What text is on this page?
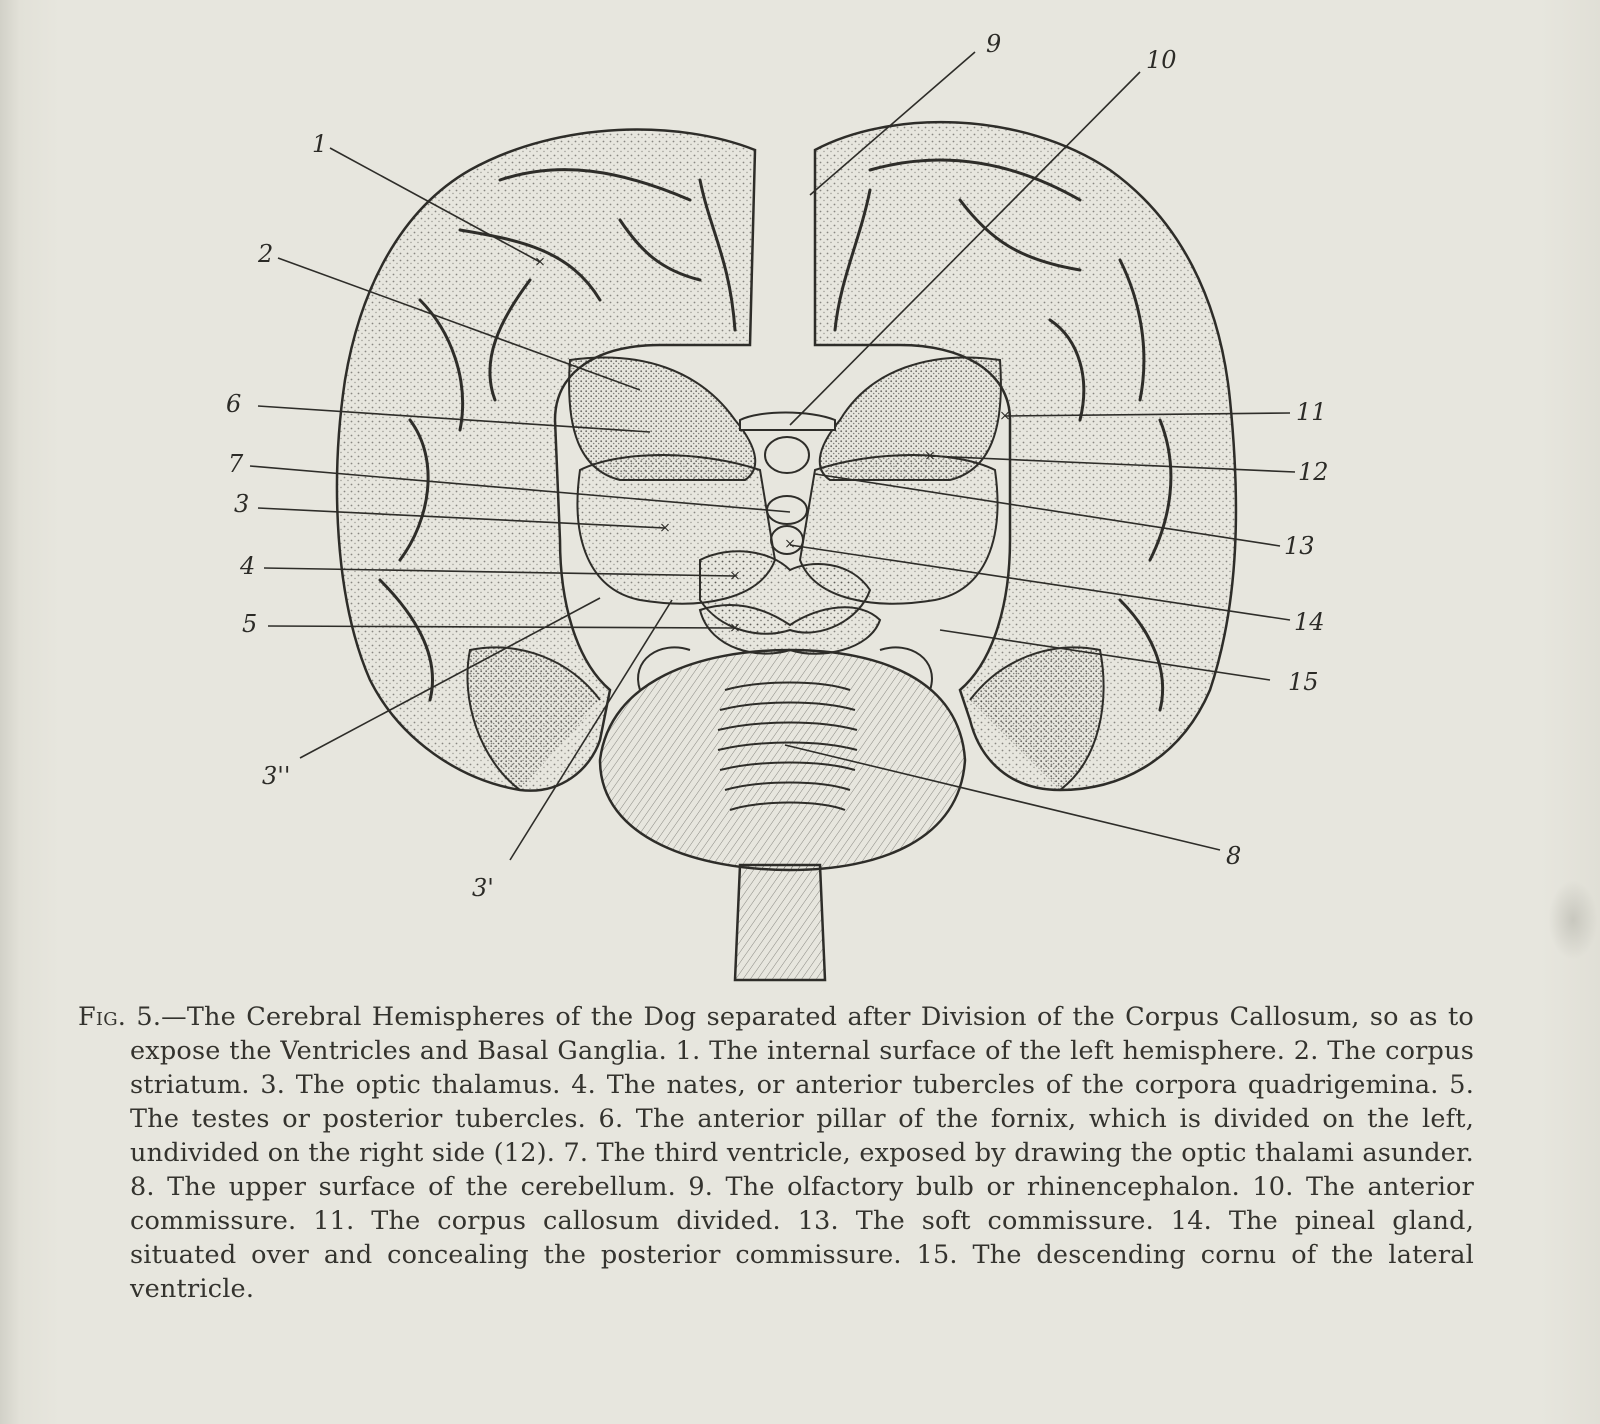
×
×
×
×
×
×
×
1
2
6
7
3
4
5
3''
3'
9
10
11
12
13
14
15
8

Fig. 5.—The Cerebral Hemispheres of the Dog separated after Division of the Corpus Callosum, so as to expose the Ventricles and Basal Ganglia. 1. The internal surface of the left hemisphere. 2. The corpus striatum. 3. The optic thalamus. 4. The nates, or anterior tubercles of the corpora quadrigemina. 5. The testes or posterior tubercles. 6. The anterior pillar of the fornix, which is divided on the left, undivided on the right side (12). 7. The third ventricle, exposed by drawing the optic thalami asunder. 8. The upper surface of the cerebellum. 9. The olfactory bulb or rhinencephalon. 10. The anterior commissure. 11. The corpus callosum divided. 13. The soft commissure. 14. The pineal gland, situated over and concealing the posterior commissure. 15. The descending cornu of the lateral ventricle.
